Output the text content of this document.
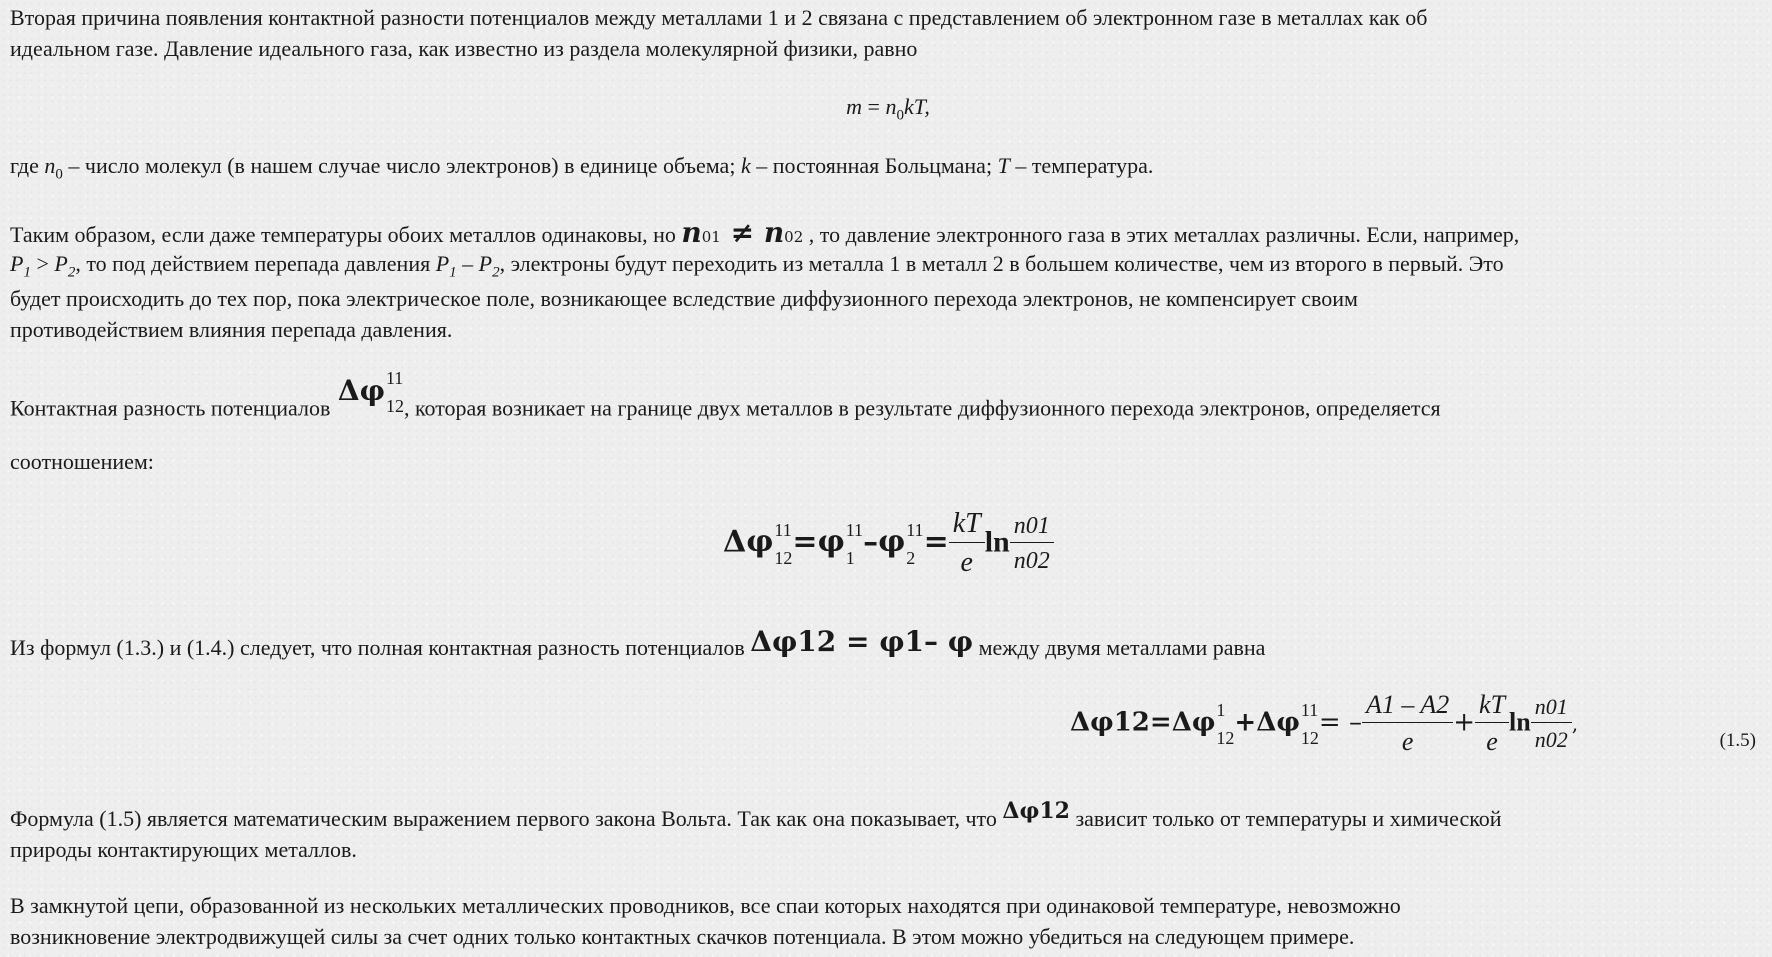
Вторая причина появления контактной разности потенциалов между металлами 1 и 2 связана с представлением об электронном газе в металлах как об

идеальном газе. Давление идеального газа, как известно из раздела молекулярной физики, равно

$m = n_0kT$,

где $n_0$ – число молекул (в нашем случае число электронов) в единице объема; k – постоянная Больцмана; T – температура.

Таким образом, если даже температуры обоих металлов одинаковы, но n01 ≠ n02 , то давление электронного газа в этих металлах различны. Если, например,

$P_1 > P_2$, то под действием перепада давления $P_1 - P_2$, электроны будут переходить из металла 1 в металл 2 в большем количестве, чем из второго в первый. Это

будет происходить до тех пор, пока электрическое поле, возникающее вследствие диффузионного перехода электронов, не компенсирует своим

противодействием влияния перепада давления.

Контактная разность потенциалов Δφ 11
12 , которая возникает на границе двух металлов в результате диффузионного перехода электронов, определяется

соотношением:

Δφ 11
12 =φ 11
1 –φ 11
$2 = \frac{kT}{e}$ $\ln \frac{n01}{n02}$

Из формул (1.3.) и (1.4.) следует, что полная контактная разность потенциалов Δφ12 = φ1– φ между двумя металлами равна

Δφ12=Δφ 1
12 +Δφ 11
12 = – $\frac{A1 - A2}{e} + \frac{kT}{e}$ $\ln \frac{n01}{n02}$ ,
(1.5)

Формула (1.5) является математическим выражением первого закона Вольта. Так как она показывает, что Δφ12 зависит только от температуры и химической

природы контактирующих металлов.

В замкнутой цепи, образованной из нескольких металлических проводников, все спаи которых находятся при одинаковой температуре, невозможно

возникновение электродвижущей силы за счет одних только контактных скачков потенциала. В этом можно убедиться на следующем примере.
